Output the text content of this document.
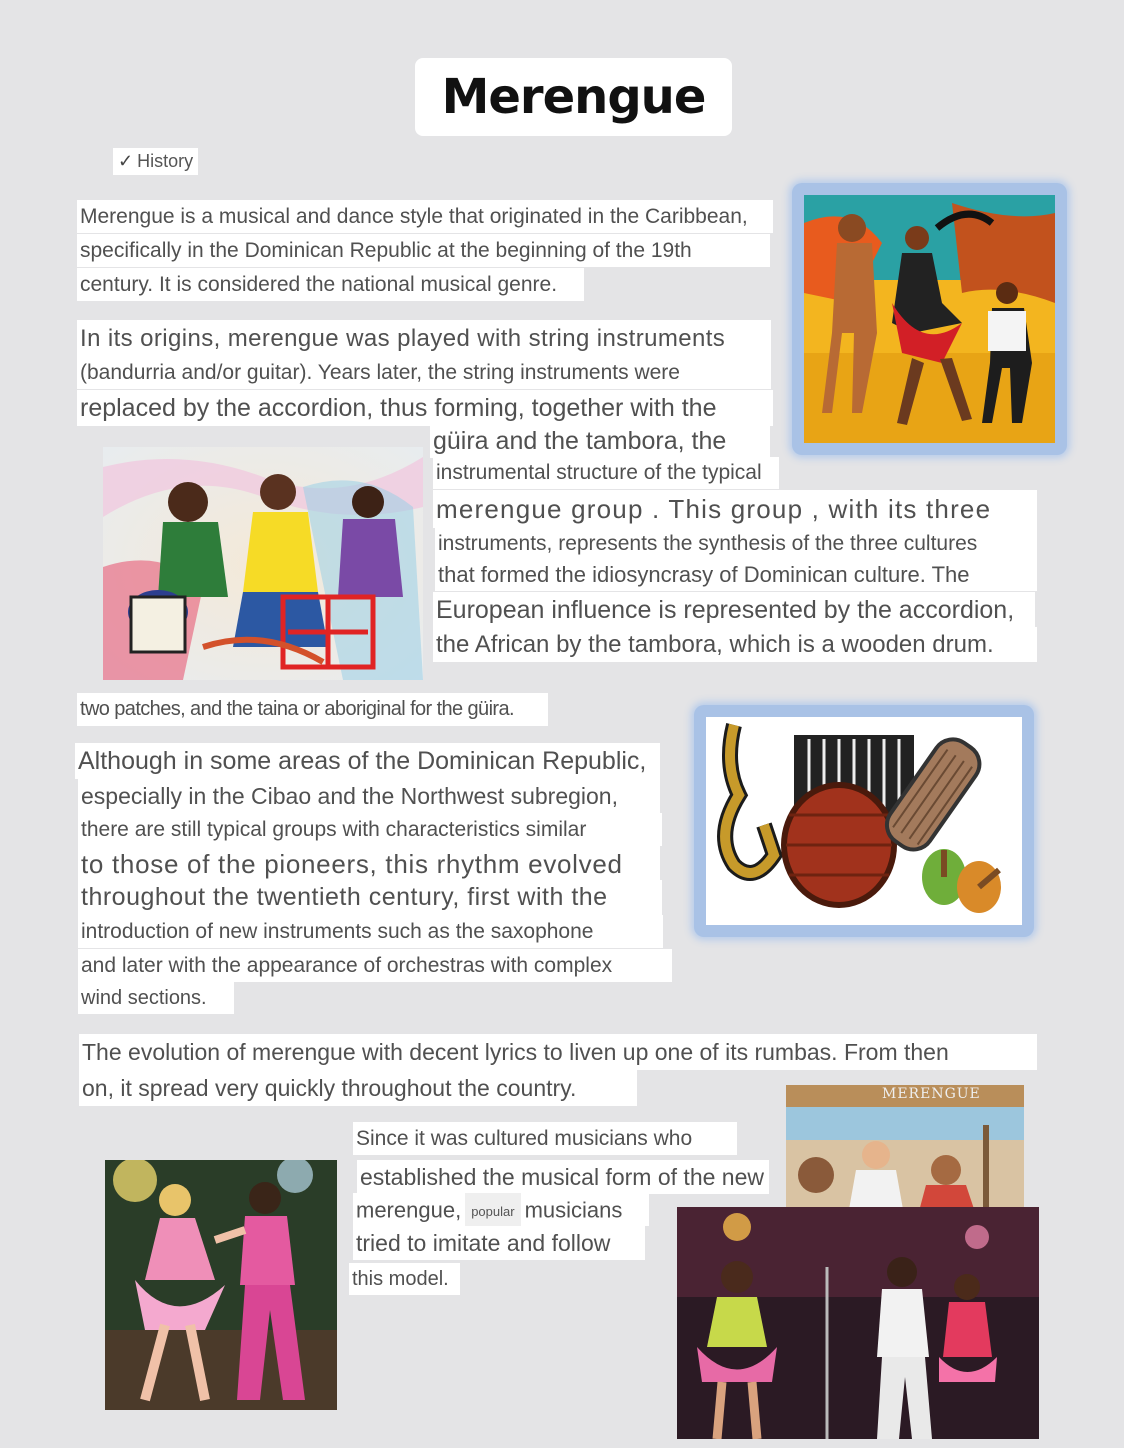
Merengue
✓ History
Merengue is a musical and dance style that originated in the Caribbean,
specifically in the Dominican Republic at the beginning of the 19th
century. It is considered the national musical genre.
In its origins, merengue was played with string instruments
(bandurria and/or guitar). Years later, the string instruments were
replaced by the accordion, thus forming, together with the
güira and the tambora, the
instrumental structure of the typical
merengue group . This group , with its three
instruments, represents the synthesis of the three cultures
that formed the idiosyncrasy of Dominican culture. The
European influence is represented by the accordion,
the African by the tambora, which is a wooden drum.
two patches, and the taina or aboriginal for the güira.
Although in some areas of the Dominican Republic,
especially in the Cibao and the Northwest subregion,
there are still typical groups with characteristics similar
to those of the pioneers, this rhythm evolved
throughout the twentieth century, first with the
introduction of new instruments such as the saxophone
and later with the appearance of orchestras with complex
wind sections.
The evolution of merengue with decent lyrics to liven up one of its rumbas. From then
on, it spread very quickly throughout the country.
Since it was cultured musicians who
established the musical form of the new
merengue, popular musicians
tried to imitate and follow
this model.
MERENGUE
